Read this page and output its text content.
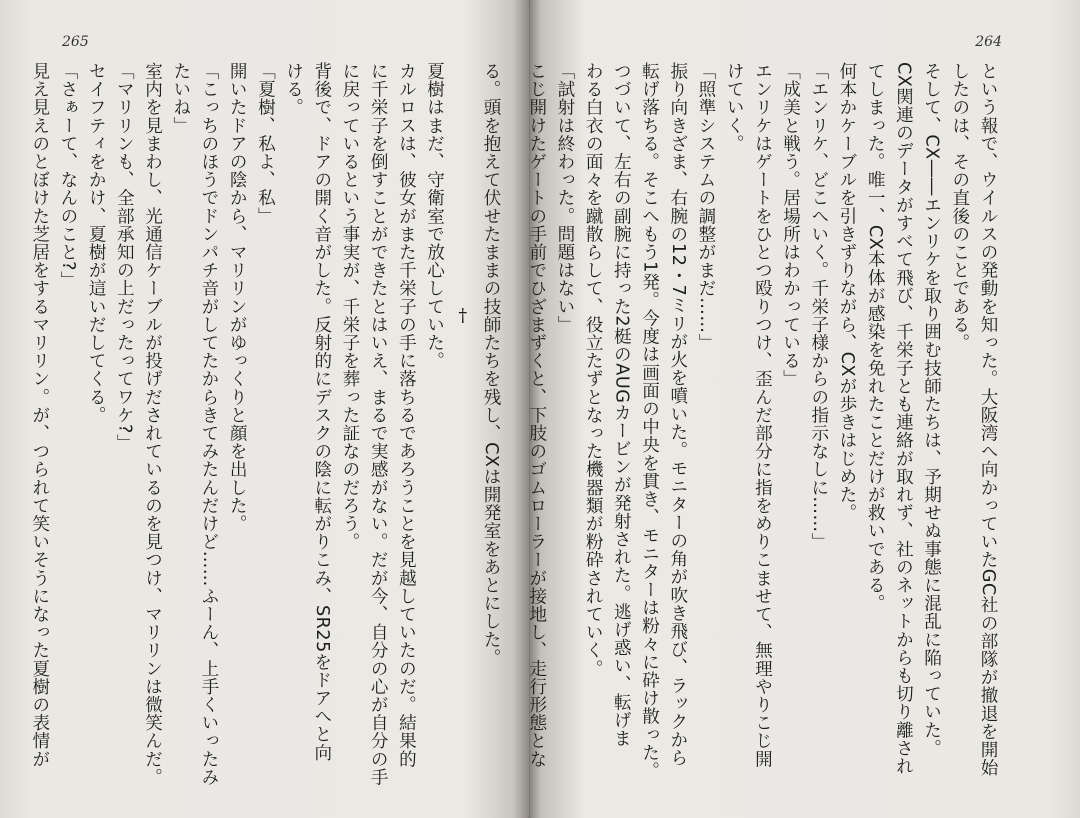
265
る。頭を抱えて伏せたままの技師たちを残し、CXは開発室をあとにした。
†
夏樹はまだ、守衛室で放心していた。
カルロスは、彼女がまた千栄子の手に落ちるであろうことを見越していたのだ。結果的
に千栄子を倒すことができたとはいえ、まるで実感がない。だが今、自分の心が自分の手
に戻っているという事実が、千栄子を葬った証なのだろう。
背後で、ドアの開く音がした。反射的にデスクの陰に転がりこみ、SR25をドアへと向
ける。
「夏樹、私よ、私」
開いたドアの陰から、マリリンがゆっくりと顔を出した。
「こっちのほうでドンパチ音がしてたからきてみたんだけど……ふーん、上手くいったみ
たいね」
室内を見まわし、光通信ケーブルが投げだされているのを見つけ、マリリンは微笑んだ。
「マリリンも、全部承知の上だったってワケ?」
セイフティをかけ、夏樹が這いだしてくる。
「さぁーて、なんのこと?」
見え見えのとぼけた芝居をするマリリン。が、つられて笑いそうになった夏樹の表情が
264
という報で、ウイルスの発動を知った。大阪湾へ向かっていたGC社の部隊が撤退を開始
したのは、その直後のことである。
そして、CX――エンリケを取り囲む技師たちは、予期せぬ事態に混乱に陥っていた。
CX関連のデータがすべて飛び、千栄子とも連絡が取れず、社のネットからも切り離され
てしまった。唯一、CX本体が感染を免れたことだけが救いである。
何本かケーブルを引きずりながら、CXが歩きはじめた。
「エンリケ、どこへいく。千栄子様からの指示なしに……」
「成美と戦う。居場所はわかっている」
エンリケはゲートをひとつ殴りつけ、歪んだ部分に指をめりこませて、無理やりこじ開
けていく。
「照準システムの調整がまだ……」
振り向きざま、右腕の12・7ミリが火を噴いた。モニターの角が吹き飛び、ラックから
転げ落ちる。そこへもう1発。今度は画面の中央を貫き、モニターは粉々に砕け散った。
つづいて、左右の副腕に持った2梃のAUGカービンが発射された。逃げ惑い、転げま
わる白衣の面々を蹴散らして、役立たずとなった機器類が粉砕されていく。
「試射は終わった。問題はない」
こじ開けたゲートの手前でひざまずくと、下肢のゴムローラーが接地し、走行形態とな
